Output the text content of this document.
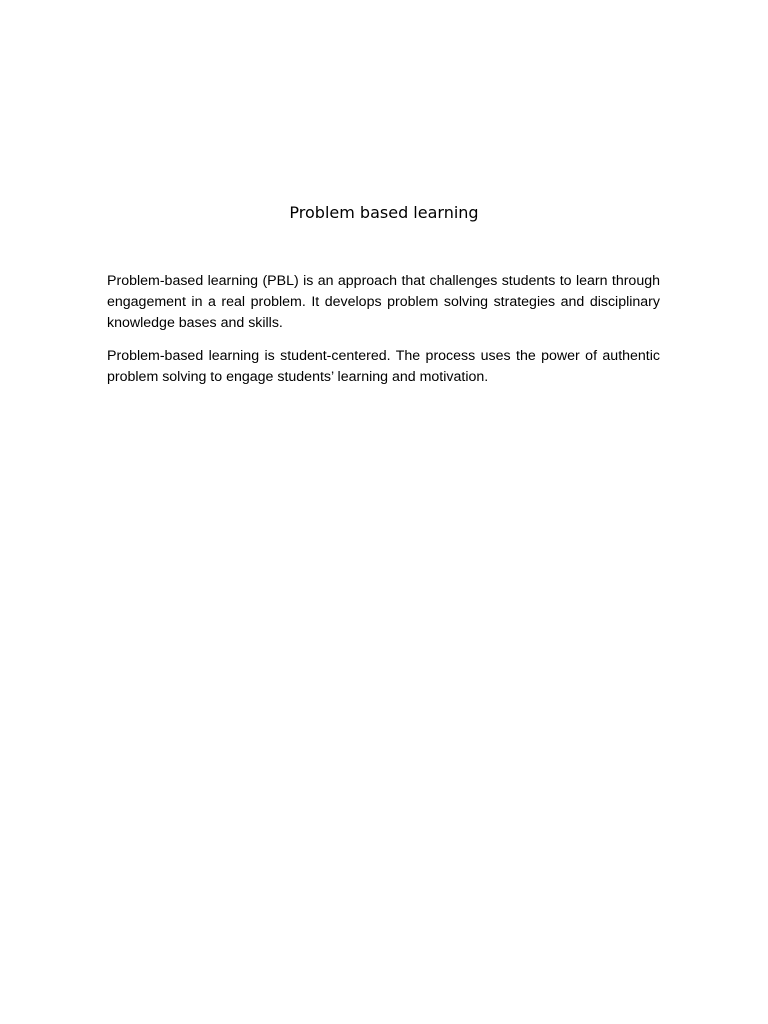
Problem based learning

Problem-based learning (PBL) is an approach that challenges students to learn through engagement in a real problem. It develops problem solving strategies and disciplinary knowledge bases and skills.

Problem-based learning is student-centered. The process uses the power of authentic problem solving to engage students’ learning and motivation.
